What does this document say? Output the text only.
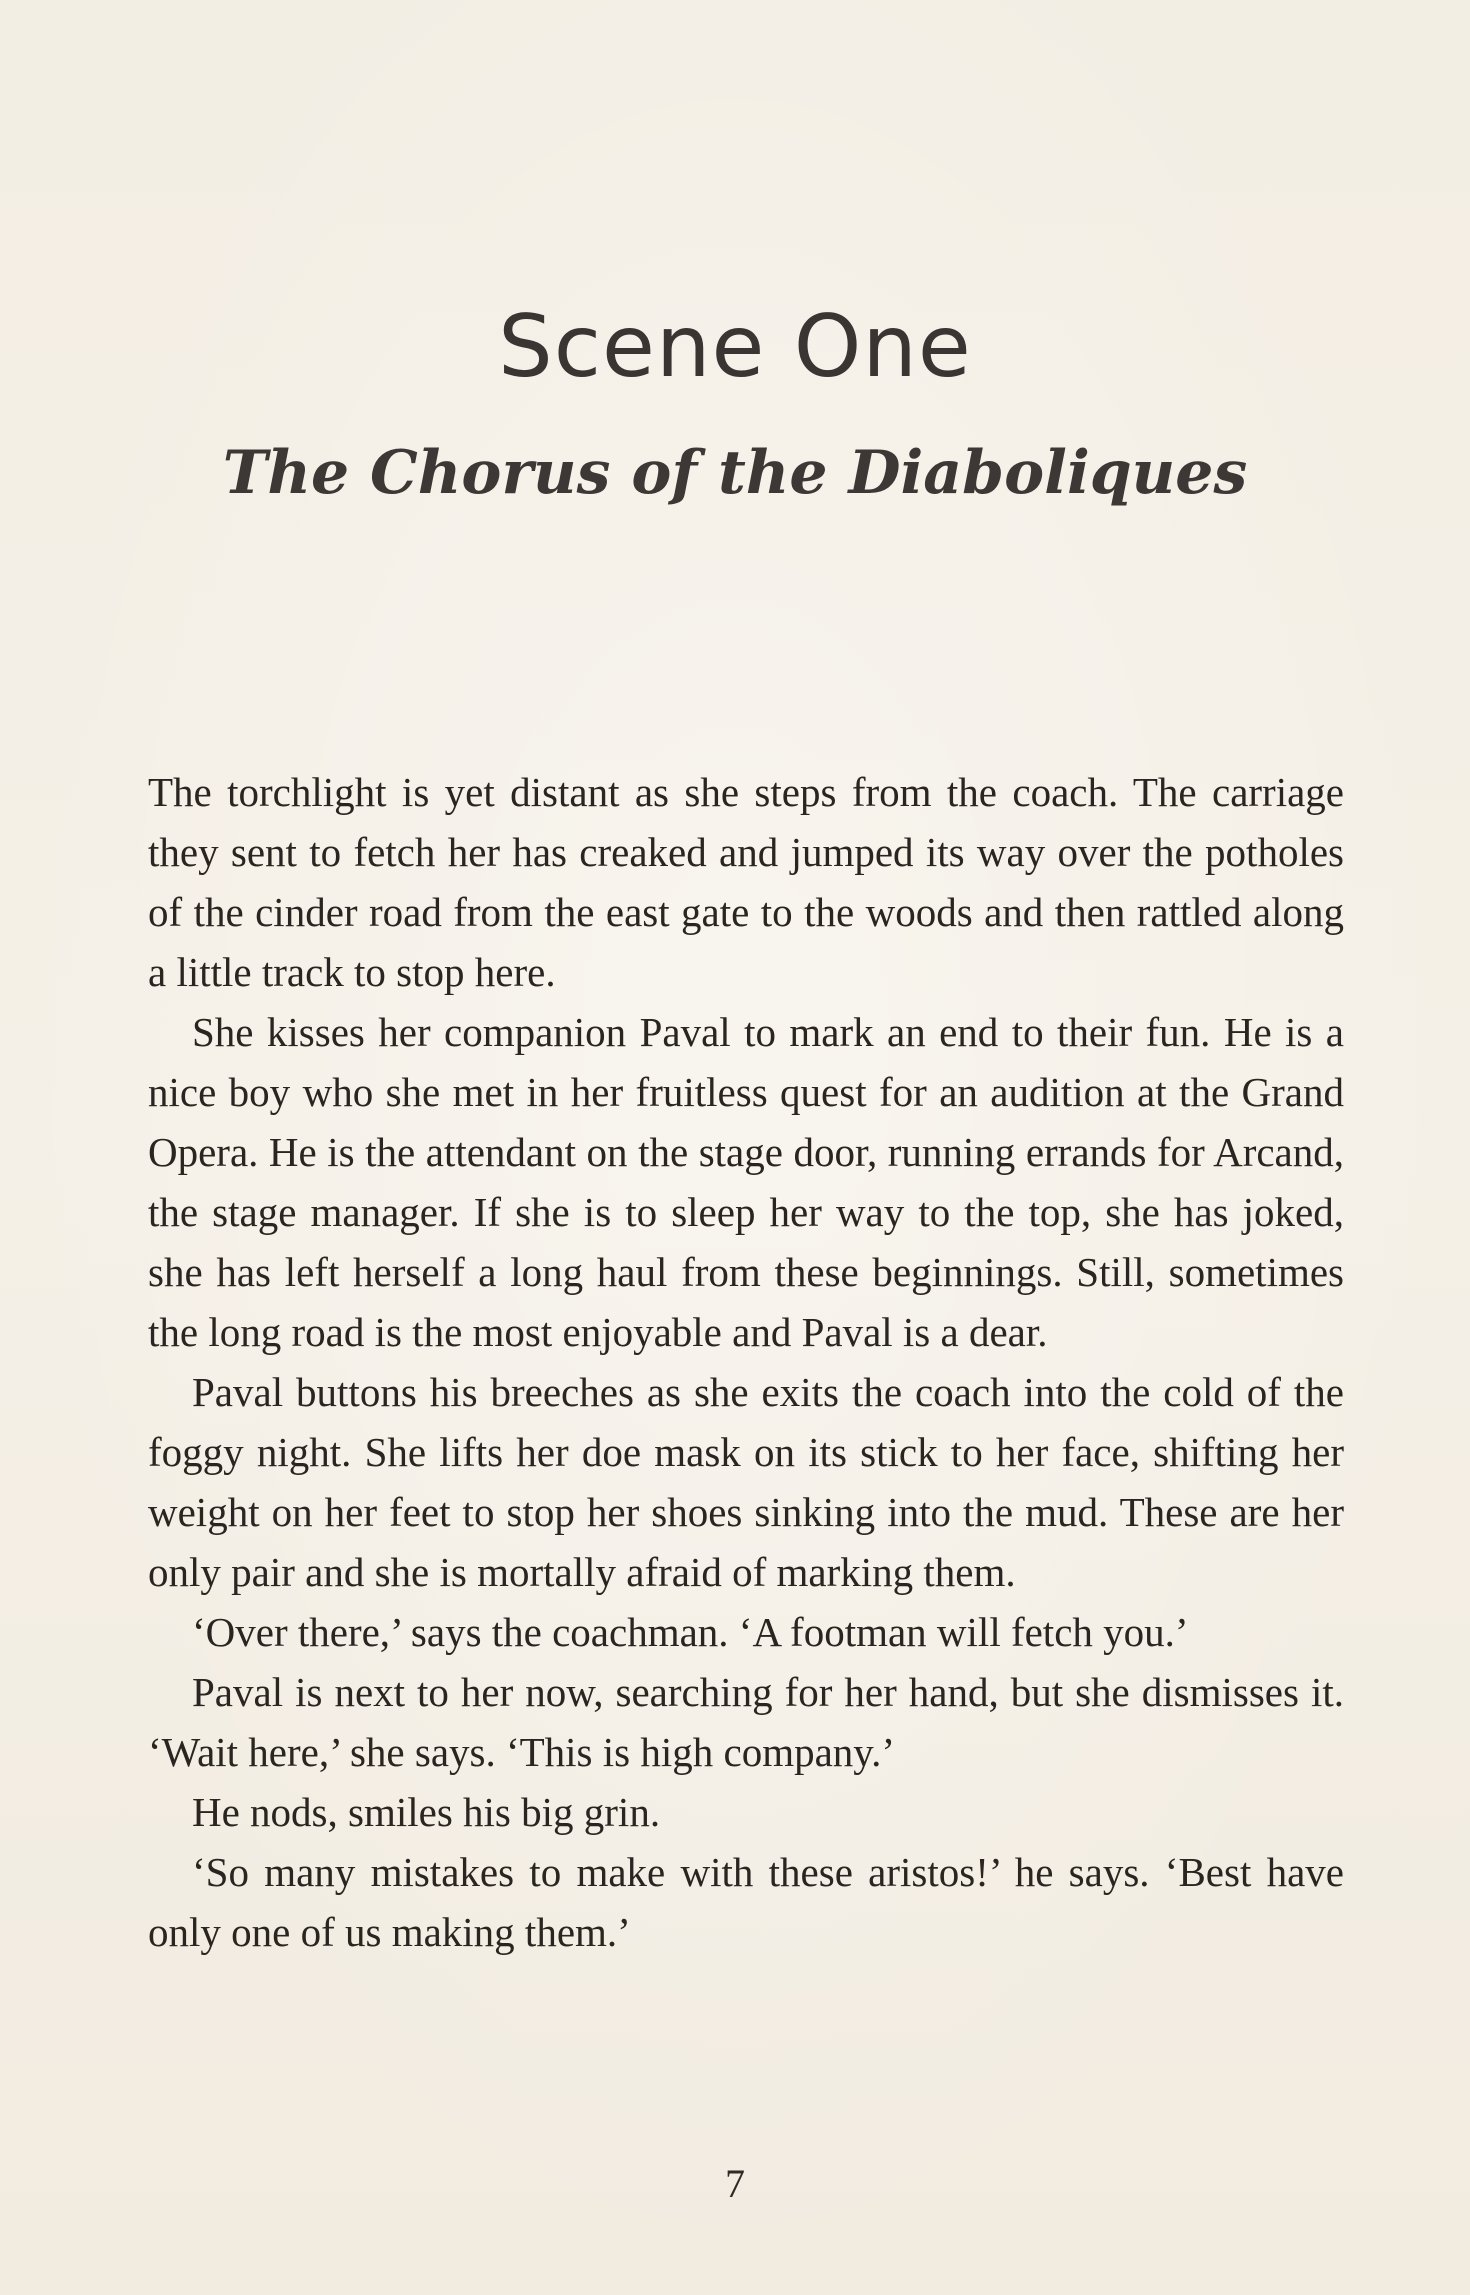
Scene One
The Chorus of the Diaboliques

The torchlight is yet distant as she steps from the coach. The carriage they sent to fetch her has creaked and jumped its way over the potholes of the cinder road from the east gate to the woods and then rattled along a little track to stop here.

She kisses her companion Paval to mark an end to their fun. He is a nice boy who she met in her fruitless quest for an audition at the Grand Opera. He is the attendant on the stage door, running errands for Arcand, the stage manager. If she is to sleep her way to the top, she has joked, she has left herself a long haul from these beginnings. Still, sometimes the long road is the most enjoyable and Paval is a dear.

Paval buttons his breeches as she exits the coach into the cold of the foggy night. She lifts her doe mask on its stick to her face, shifting her weight on her feet to stop her shoes sinking into the mud. These are her only pair and she is mortally afraid of marking them.

‘Over there,’ says the coachman. ‘A footman will fetch you.’

Paval is next to her now, searching for her hand, but she dismisses it. ‘Wait here,’ she says. ‘This is high company.’

He nods, smiles his big grin.

‘So many mistakes to make with these aristos!’ he says. ‘Best have only one of us making them.’

7
